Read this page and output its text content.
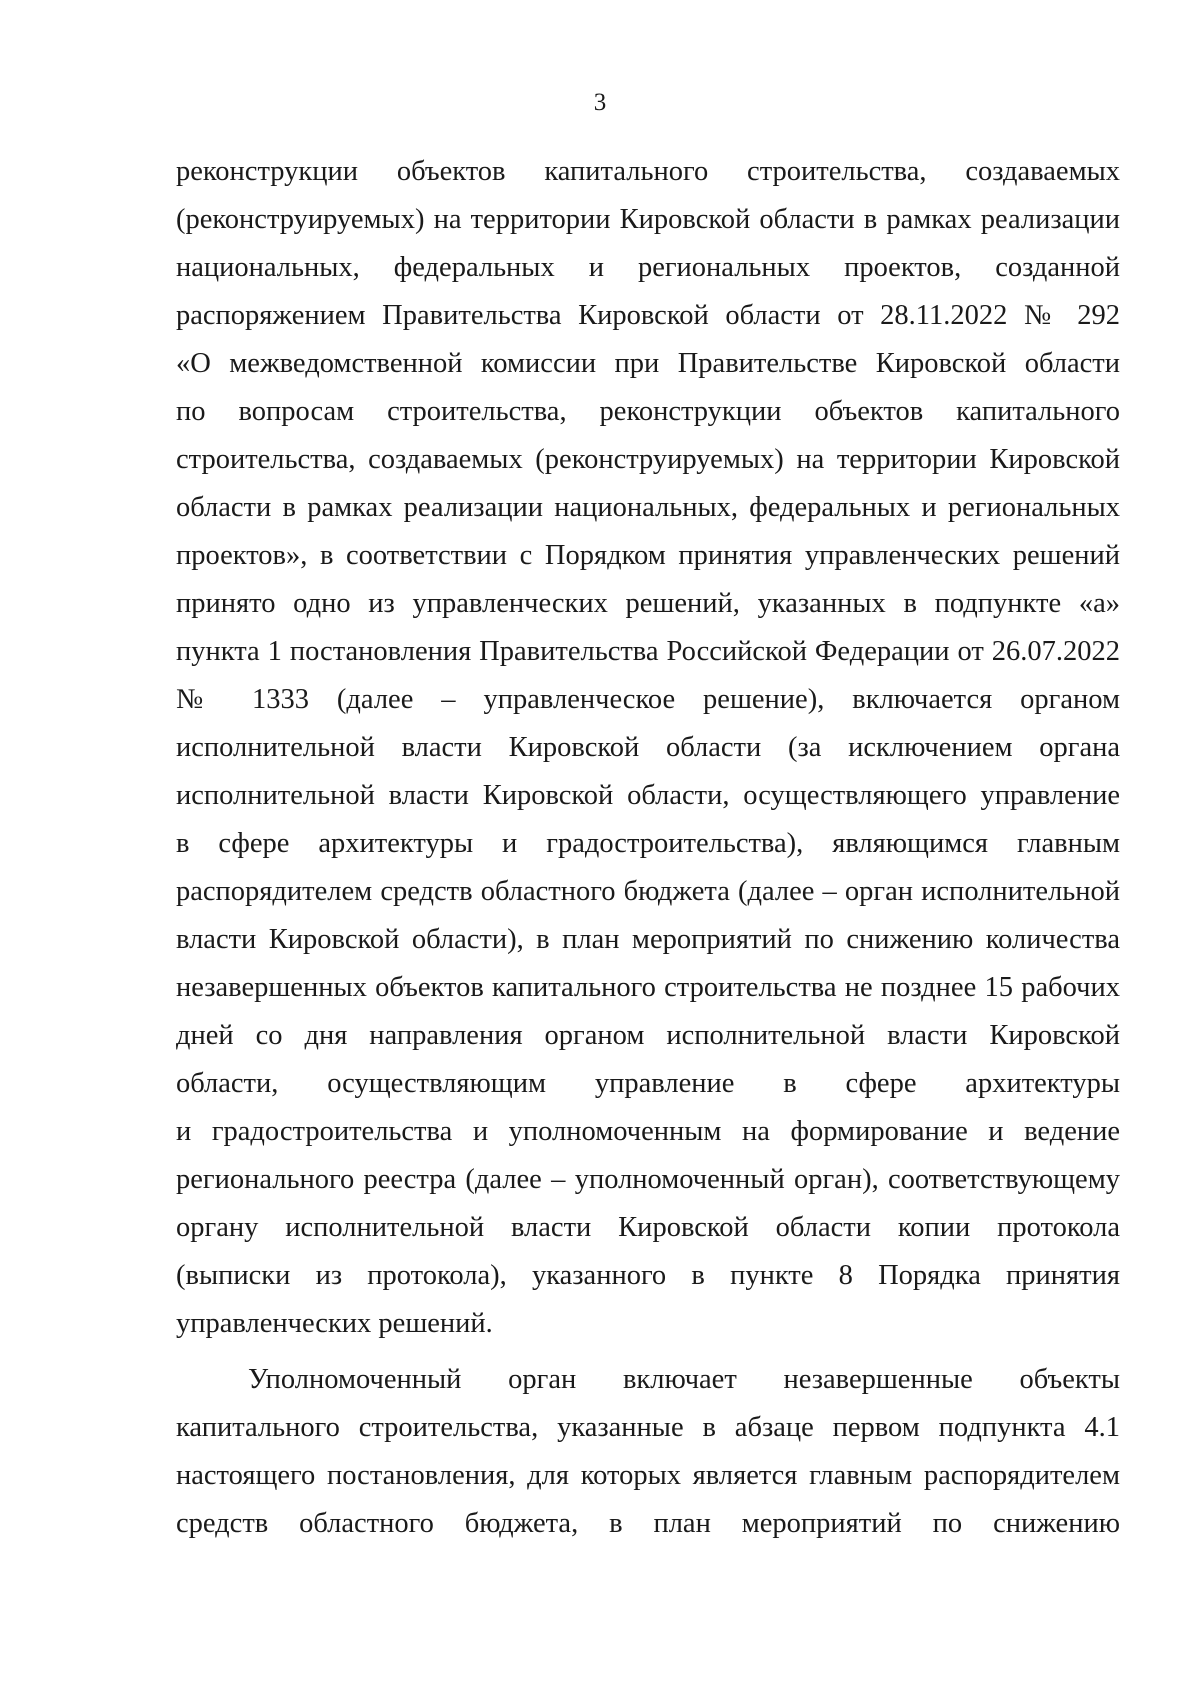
3
реконструкции объектов капитального строительства, создаваемых
(реконструируемых) на территории Кировской области в рамках реализации
национальных, федеральных и региональных проектов, созданной
распоряжением Правительства Кировской области от 28.11.2022 № 292
«О межведомственной комиссии при Правительстве Кировской области
по вопросам строительства, реконструкции объектов капитального
строительства, создаваемых (реконструируемых) на территории Кировской
области в рамках реализации национальных, федеральных и региональных
проектов», в соответствии с Порядком принятия управленческих решений
принято одно из управленческих решений, указанных в подпункте «а»
пункта 1 постановления Правительства Российской Федерации от 26.07.2022
№ 1333 (далее – управленческое решение), включается органом
исполнительной власти Кировской области (за исключением органа
исполнительной власти Кировской области, осуществляющего управление
в сфере архитектуры и градостроительства), являющимся главным
распорядителем средств областного бюджета (далее – орган исполнительной
власти Кировской области), в план мероприятий по снижению количества
незавершенных объектов капитального строительства не позднее 15 рабочих
дней со дня направления органом исполнительной власти Кировской
области, осуществляющим управление в сфере архитектуры
и градостроительства и уполномоченным на формирование и ведение
регионального реестра (далее – уполномоченный орган), соответствующему
органу исполнительной власти Кировской области копии протокола
(выписки из протокола), указанного в пункте 8 Порядка принятия
управленческих решений.
Уполномоченный орган включает незавершенные объекты
капитального строительства, указанные в абзаце первом подпункта 4.1
настоящего постановления, для которых является главным распорядителем
средств областного бюджета, в план мероприятий по снижению
